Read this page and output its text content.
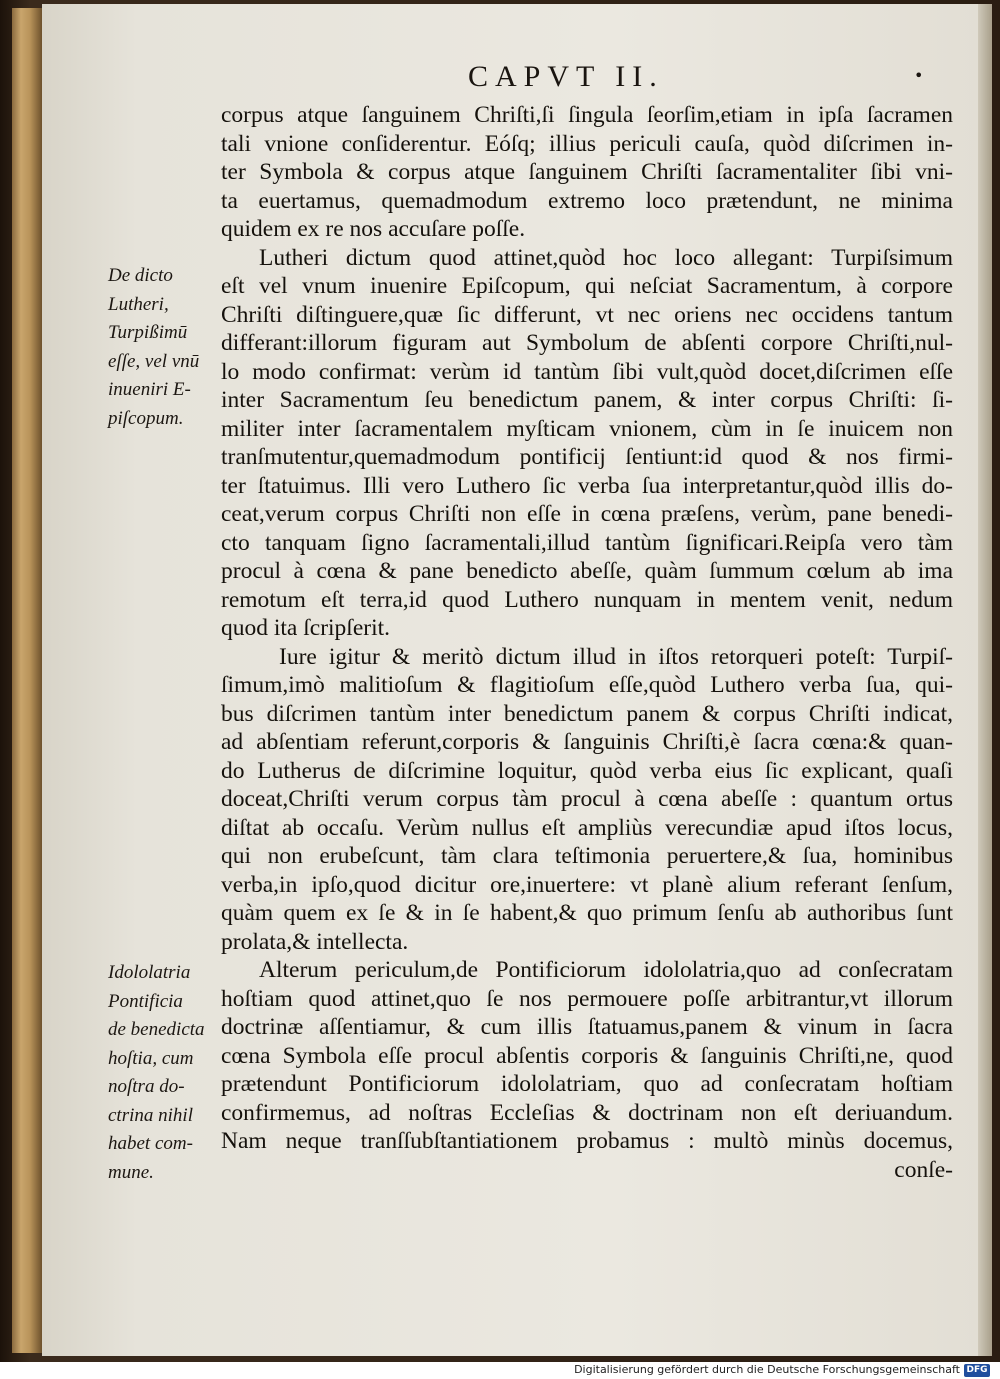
CAPVT II.	•
De dicto
Lutheri,
Turpißimū
eſſe, vel vnū
inueniri E-
piſcopum.
Idololatria
Pontificia
de benedicta
hoſtia, cum
noſtra do-
ctrina nihil
habet com-
mune.
corpus atque ſanguinem Chriſti,ſi ſingula ſeorſim,etiam in ipſa ſacramen
tali vnione conſiderentur. Eóſq; illius periculi cauſa, quòd diſcrimen in-
ter Symbola & corpus atque ſanguinem Chriſti ſacramentaliter ſibi vni-
ta euertamus, quemadmodum extremo loco prætendunt, ne minima
quidem ex re nos accuſare poſſe.
Lutheri dictum quod attinet,quòd hoc loco allegant: Turpiſsimum
eſt vel vnum inuenire Epiſcopum, qui neſciat Sacramentum, à corpore
Chriſti diſtinguere,quæ ſic differunt, vt nec oriens nec occidens tantum
differant:illorum figuram aut Symbolum de abſenti corpore Chriſti,nul-
lo modo confirmat: verùm id tantùm ſibi vult,quòd docet,diſcrimen eſſe
inter Sacramentum ſeu benedictum panem, & inter corpus Chriſti: ſi-
militer inter ſacramentalem myſticam vnionem, cùm in ſe inuicem non
tranſmutentur,quemadmodum pontificij ſentiunt:id quod & nos firmi-
ter ſtatuimus. Illi vero Luthero ſic verba ſua interpretantur,quòd illis do-
ceat,verum corpus Chriſti non eſſe in cœna præſens, verùm, pane benedi-
cto tanquam ſigno ſacramentali,illud tantùm ſignificari.Reipſa vero tàm
procul à cœna & pane benedicto abeſſe, quàm ſummum cœlum ab ima
remotum eſt terra,id quod Luthero nunquam in mentem venit, nedum
quod ita ſcripſerit.
Iure igitur & meritò dictum illud in iſtos retorqueri poteſt: Turpiſ-
ſimum,imò malitioſum & flagitioſum eſſe,quòd Luthero verba ſua, qui-
bus diſcrimen tantùm inter benedictum panem & corpus Chriſti indicat,
ad abſentiam referunt,corporis & ſanguinis Chriſti,è ſacra cœna:& quan-
do Lutherus de diſcrimine loquitur, quòd verba eius ſic explicant, quaſi
doceat,Chriſti verum corpus tàm procul à cœna abeſſe : quantum ortus
diſtat ab occaſu. Verùm nullus eſt ampliùs verecundiæ apud iſtos locus,
qui non erubeſcunt, tàm clara teſtimonia peruertere,& ſua, hominibus
verba,in ipſo,quod dicitur ore,inuertere: vt planè alium referant ſenſum,
quàm quem ex ſe & in ſe habent,& quo primum ſenſu ab authoribus ſunt
prolata,& intellecta.
Alterum periculum,de Pontificiorum idololatria,quo ad conſecratam
hoſtiam quod attinet,quo ſe nos permouere poſſe arbitrantur,vt illorum
doctrinæ aſſentiamur, & cum illis ſtatuamus,panem & vinum in ſacra
cœna Symbola eſſe procul abſentis corporis & ſanguinis Chriſti,ne, quod
prætendunt Pontificiorum idololatriam, quo ad conſecratam hoſtiam
confirmemus, ad noſtras Eccleſias & doctrinam non eſt deriuandum.
Nam neque tranſſubſtantiationem probamus : multò minùs docemus,
conſe-
Digitalisierung gefördert durch die Deutsche Forschungsgemeinschaft DFG
